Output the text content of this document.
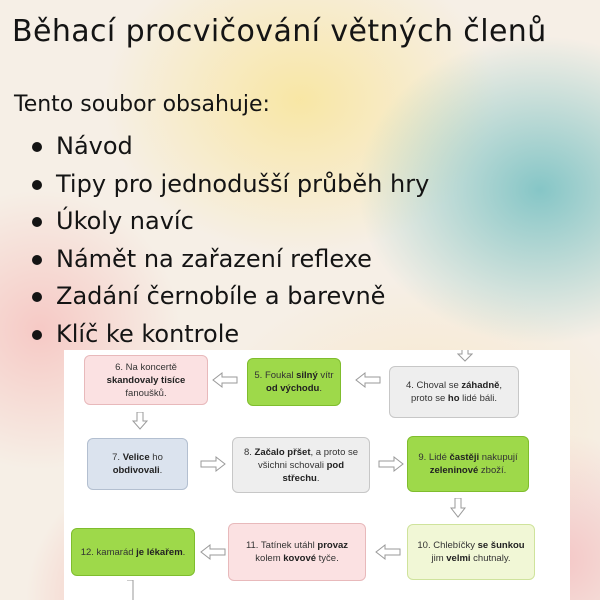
Běhací procvičování větných členů
Tento soubor obsahuje:
Návod
Tipy pro jednodušší průběh hry
Úkoly navíc
Námět na zařazení reflexe
Zadání černobíle a barevně
Klíč ke kontrole
6. Na koncertě skandovaly tisíce fanoušků.
5. Foukal silný vítr od východu.	4. Choval se záhadně, proto se ho lidé báli.
7. Velice ho obdivovali.
8. Začalo přšet, a proto se všichni schovali pod střechu.
9. Lidé častěji nakupují zeleninové zboží.
12. kamarád je lékařem.
11. Tatínek utáhl provaz kolem kovové tyče.
10. Chlebíčky se šunkou jim velmi chutnaly.
